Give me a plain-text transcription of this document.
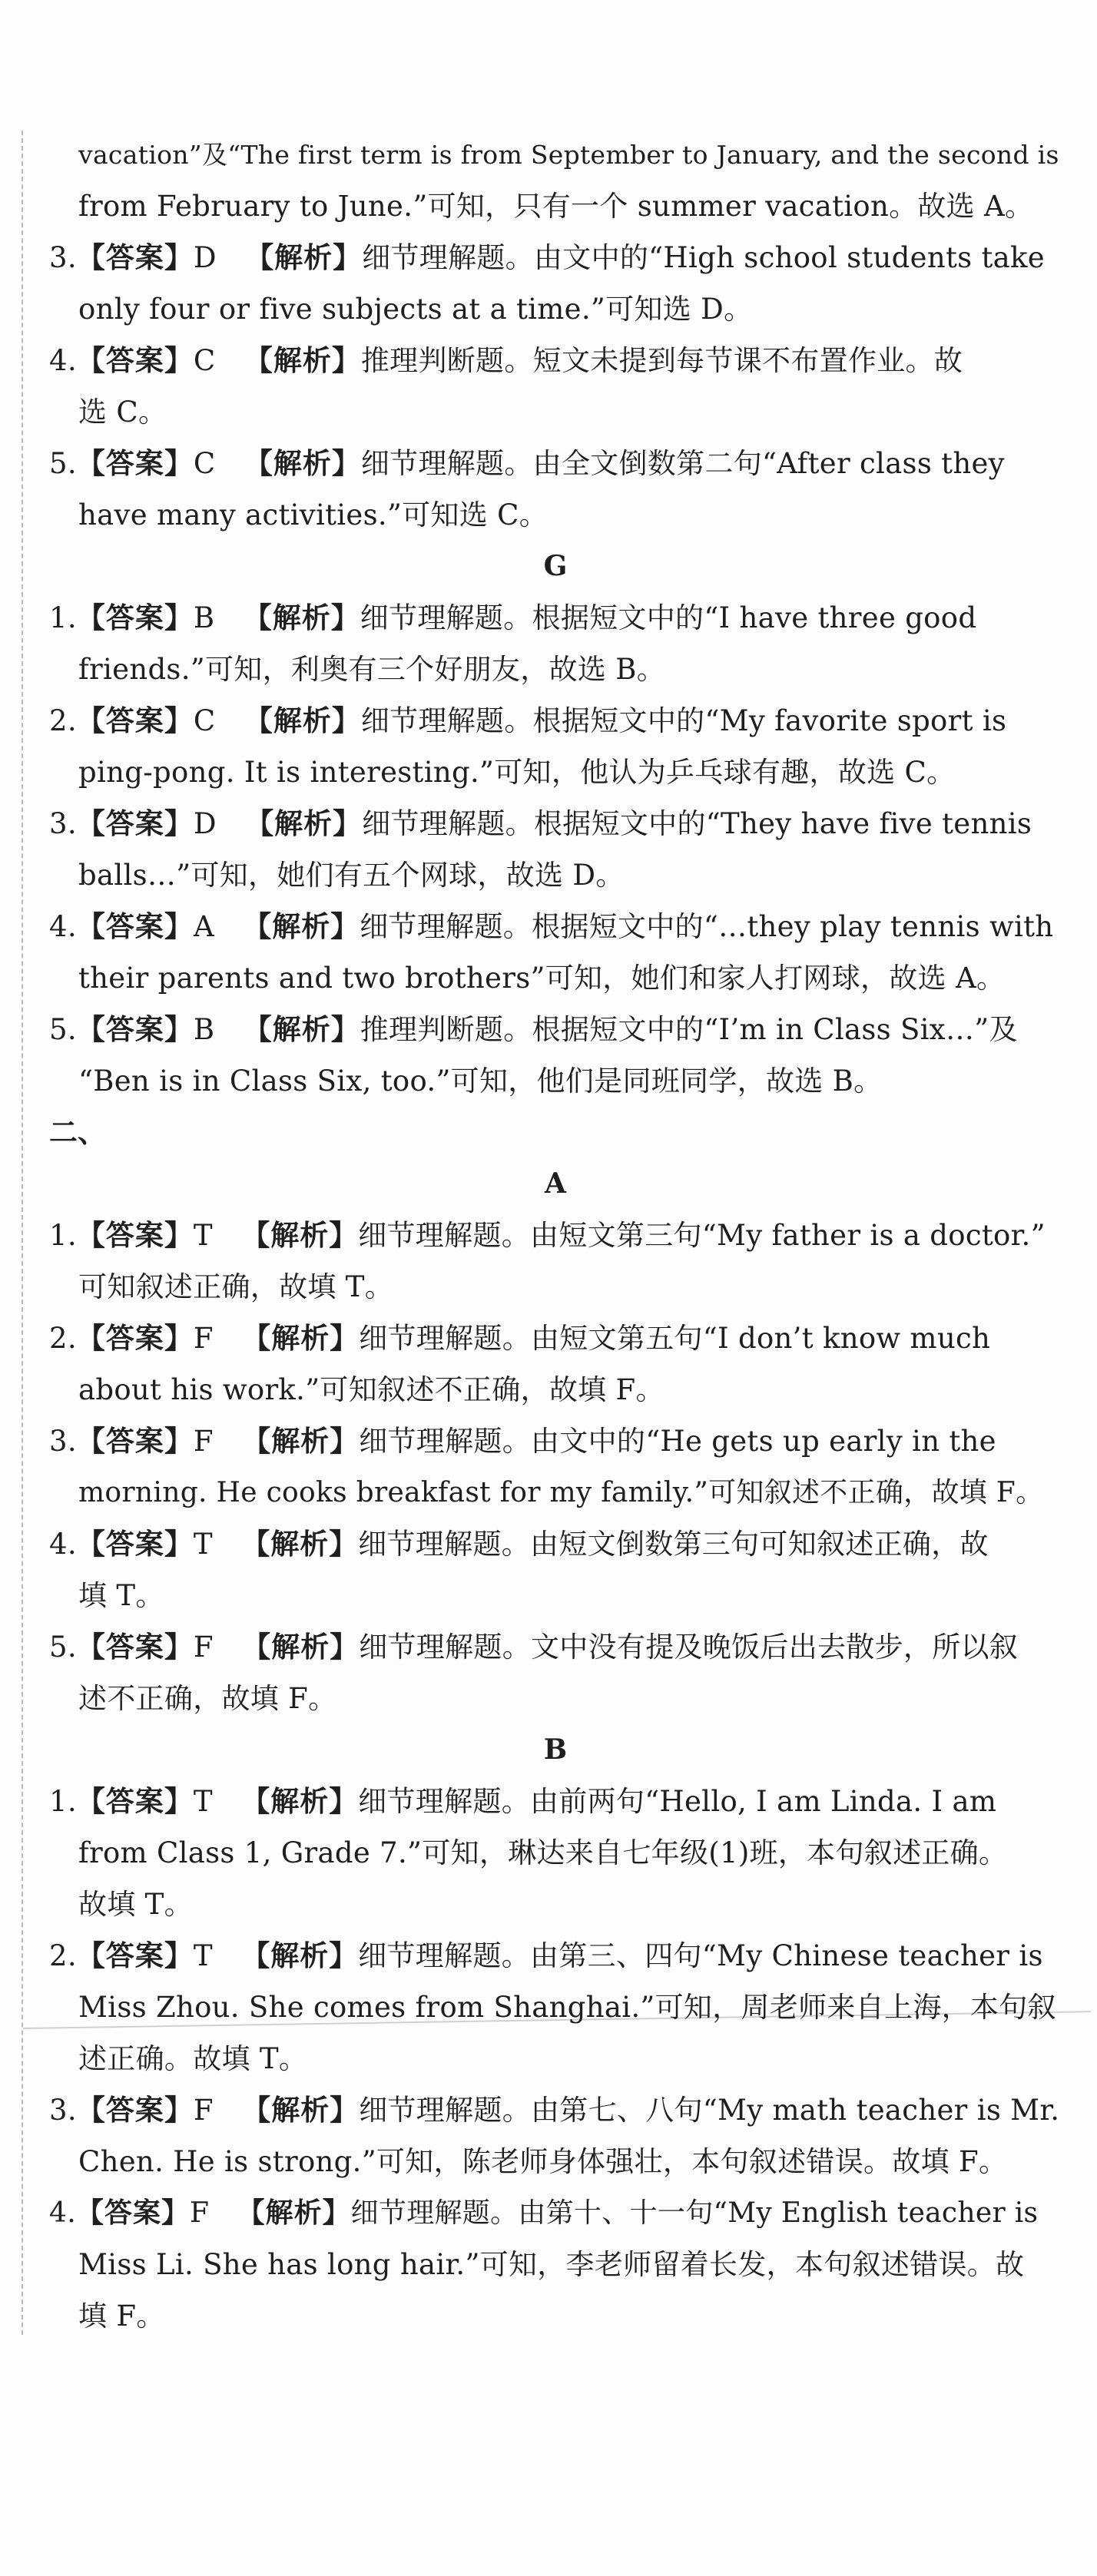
vacation”及“The first term is from September to January, and the second is
from February to June.”可知，只有一个 summer vacation。故选 A。
3.【答案】D  【解析】细节理解题。由文中的“High school students take
only four or five subjects at a time.”可知选 D。
4.【答案】C  【解析】推理判断题。短文未提到每节课不布置作业。故
选 C。
5.【答案】C  【解析】细节理解题。由全文倒数第二句“After class they
have many activities.”可知选 C。
G
1.【答案】B  【解析】细节理解题。根据短文中的“I have three good
friends.”可知，利奥有三个好朋友，故选 B。
2.【答案】C  【解析】细节理解题。根据短文中的“My favorite sport is
ping-pong. It is interesting.”可知，他认为乒乓球有趣，故选 C。
3.【答案】D  【解析】细节理解题。根据短文中的“They have five tennis
balls…”可知，她们有五个网球，故选 D。
4.【答案】A  【解析】细节理解题。根据短文中的“…they play tennis with
their parents and two brothers”可知，她们和家人打网球，故选 A。
5.【答案】B  【解析】推理判断题。根据短文中的“I’m in Class Six…”及
“Ben is in Class Six, too.”可知，他们是同班同学，故选 B。
二、
A
1.【答案】T  【解析】细节理解题。由短文第三句“My father is a doctor.”
可知叙述正确，故填 T。
2.【答案】F  【解析】细节理解题。由短文第五句“I don’t know much
about his work.”可知叙述不正确，故填 F。
3.【答案】F  【解析】细节理解题。由文中的“He gets up early in the
morning. He cooks breakfast for my family.”可知叙述不正确，故填 F。
4.【答案】T  【解析】细节理解题。由短文倒数第三句可知叙述正确，故
填 T。
5.【答案】F  【解析】细节理解题。文中没有提及晚饭后出去散步，所以叙
述不正确，故填 F。
B
1.【答案】T  【解析】细节理解题。由前两句“Hello, I am Linda. I am
from Class 1, Grade 7.”可知，琳达来自七年级(1)班，本句叙述正确。
故填 T。
2.【答案】T  【解析】细节理解题。由第三、四句“My Chinese teacher is
Miss Zhou. She comes from Shanghai.”可知，周老师来自上海，本句叙
述正确。故填 T。
3.【答案】F  【解析】细节理解题。由第七、八句“My math teacher is Mr.
Chen. He is strong.”可知，陈老师身体强壮，本句叙述错误。故填 F。
4.【答案】F  【解析】细节理解题。由第十、十一句“My English teacher is
Miss Li. She has long hair.”可知，李老师留着长发，本句叙述错误。故
填 F。
